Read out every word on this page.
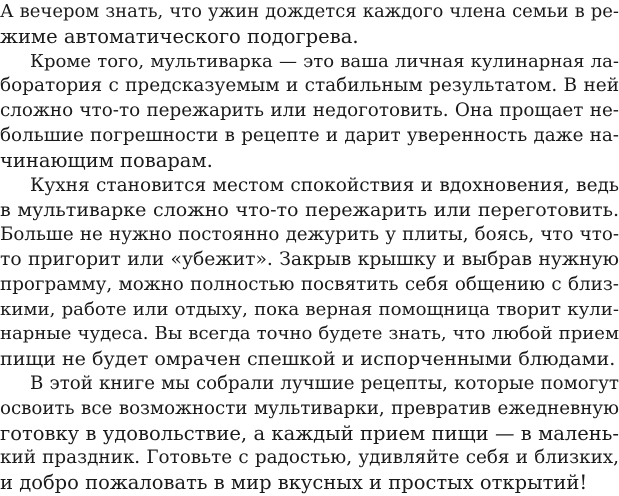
А вечером знать, что ужин дождется каждого члена семьи в ре-
жиме автоматического подогрева.
Кроме того, мультиварка — это ваша личная кулинарная ла-
боратория с предсказуемым и стабильным результатом. В ней
сложно что-то пережарить или недоготовить. Она прощает не-
большие погрешности в рецепте и дарит уверенность даже на-
чинающим поварам.
Кухня становится местом спокойствия и вдохновения, ведь
в мультиварке сложно что-то пережарить или переготовить.
Больше не нужно постоянно дежурить у плиты, боясь, что что-
то пригорит или «убежит». Закрыв крышку и выбрав нужную
программу, можно полностью посвятить себя общению с близ-
кими, работе или отдыху, пока верная помощница творит кули-
нарные чудеса. Вы всегда точно будете знать, что любой прием
пищи не будет омрачен спешкой и испорченными блюдами.
В этой книге мы собрали лучшие рецепты, которые помогут
освоить все возможности мультиварки, превратив ежедневную
готовку в удовольствие, а каждый прием пищи — в малень-
кий праздник. Готовьте с радостью, удивляйте себя и близких,
и добро пожаловать в мир вкусных и простых открытий!
